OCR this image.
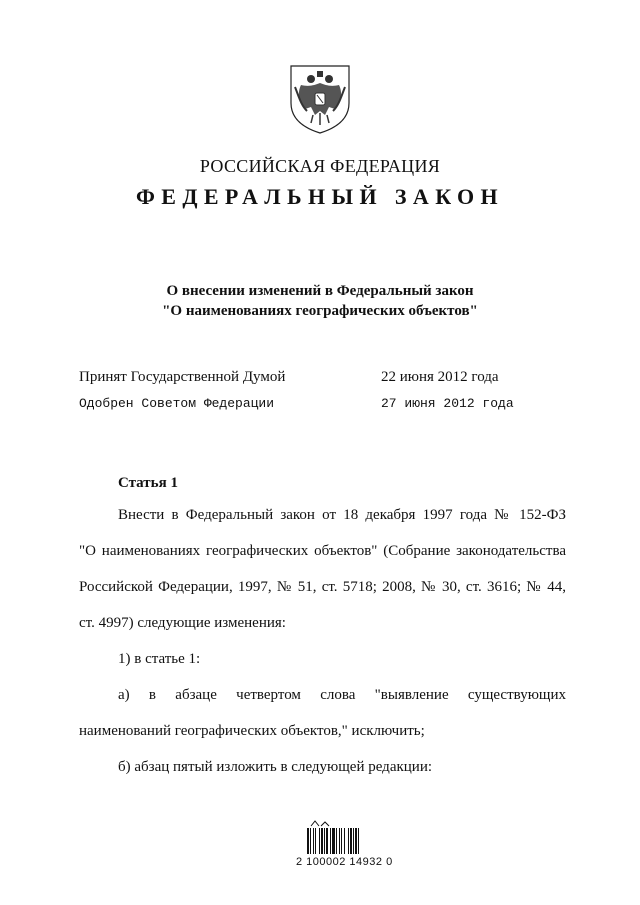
РОССИЙСКАЯ ФЕДЕРАЦИЯ
ФЕДЕРАЛЬНЫЙ ЗАКОН
О внесении изменений в Федеральный закон
"О наименованиях географических объектов"
Принят Государственной Думой	22 июня 2012 года
Одобрен Советом Федерации	27 июня 2012 года
Статья 1

Внести в Федеральный закон от 18 декабря 1997 года № 152-ФЗ

"О наименованиях географических объектов" (Собрание законодательства

Российской Федерации, 1997, № 51, ст. 5718; 2008, № 30, ст. 3616; № 44,

ст. 4997) следующие изменения:

1) в статье 1:

а) в абзаце четвертом слова "выявление существующих

наименований географических объектов," исключить;

б) абзац пятый изложить в следующей редакции:

2 100002 14932 0
